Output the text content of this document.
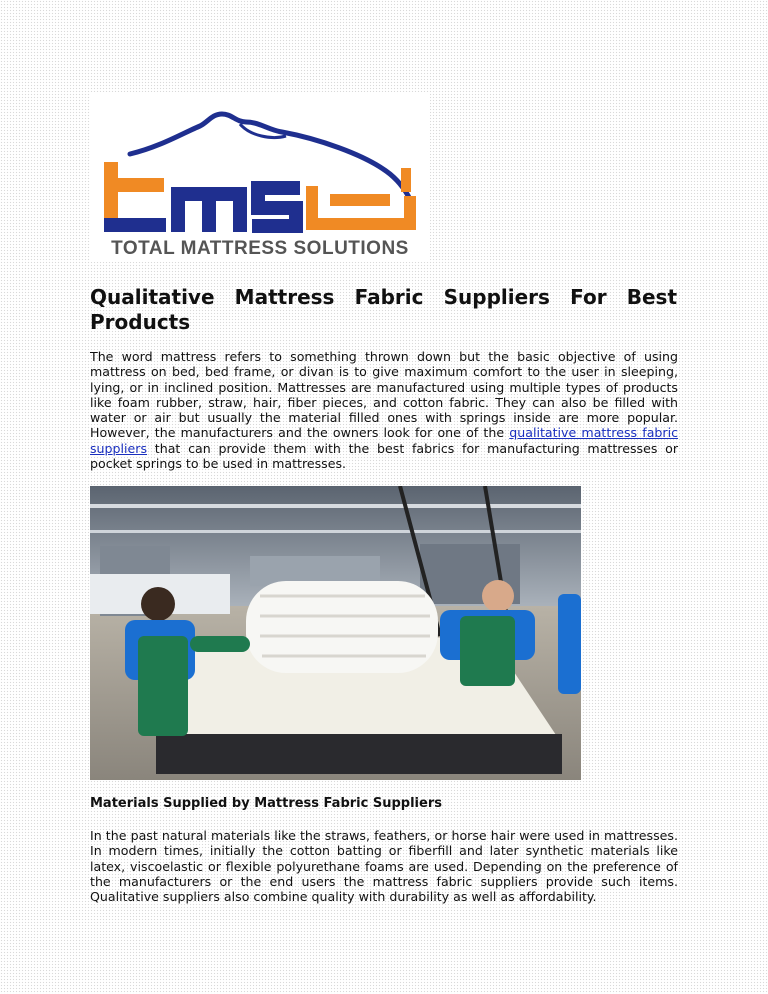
TOTAL MATTRESS SOLUTIONS
Qualitative Mattress Fabric Suppliers For Best
Products

The word mattress refers to something thrown down but the basic objective of using mattress on bed, bed frame, or divan is to give maximum comfort to the user in sleeping, lying, or in inclined position. Mattresses are manufactured using multiple types of products like foam rubber, straw, hair, fiber pieces, and cotton fabric. They can also be filled with water or air but usually the material filled ones with springs inside are more popular. However, the manufacturers and the owners look for one of the qualitative mattress fabric suppliers that can provide them with the best fabrics for manufacturing mattresses or pocket springs to be used in mattresses.

Materials Supplied by Mattress Fabric Suppliers

In the past natural materials like the straws, feathers, or horse hair were used in mattresses. In modern times, initially the cotton batting or fiberfill and later synthetic materials like latex, viscoelastic or flexible polyurethane foams are used. Depending on the preference of the manufacturers or the end users the mattress fabric suppliers provide such items. Qualitative suppliers also combine quality with durability as well as affordability.
